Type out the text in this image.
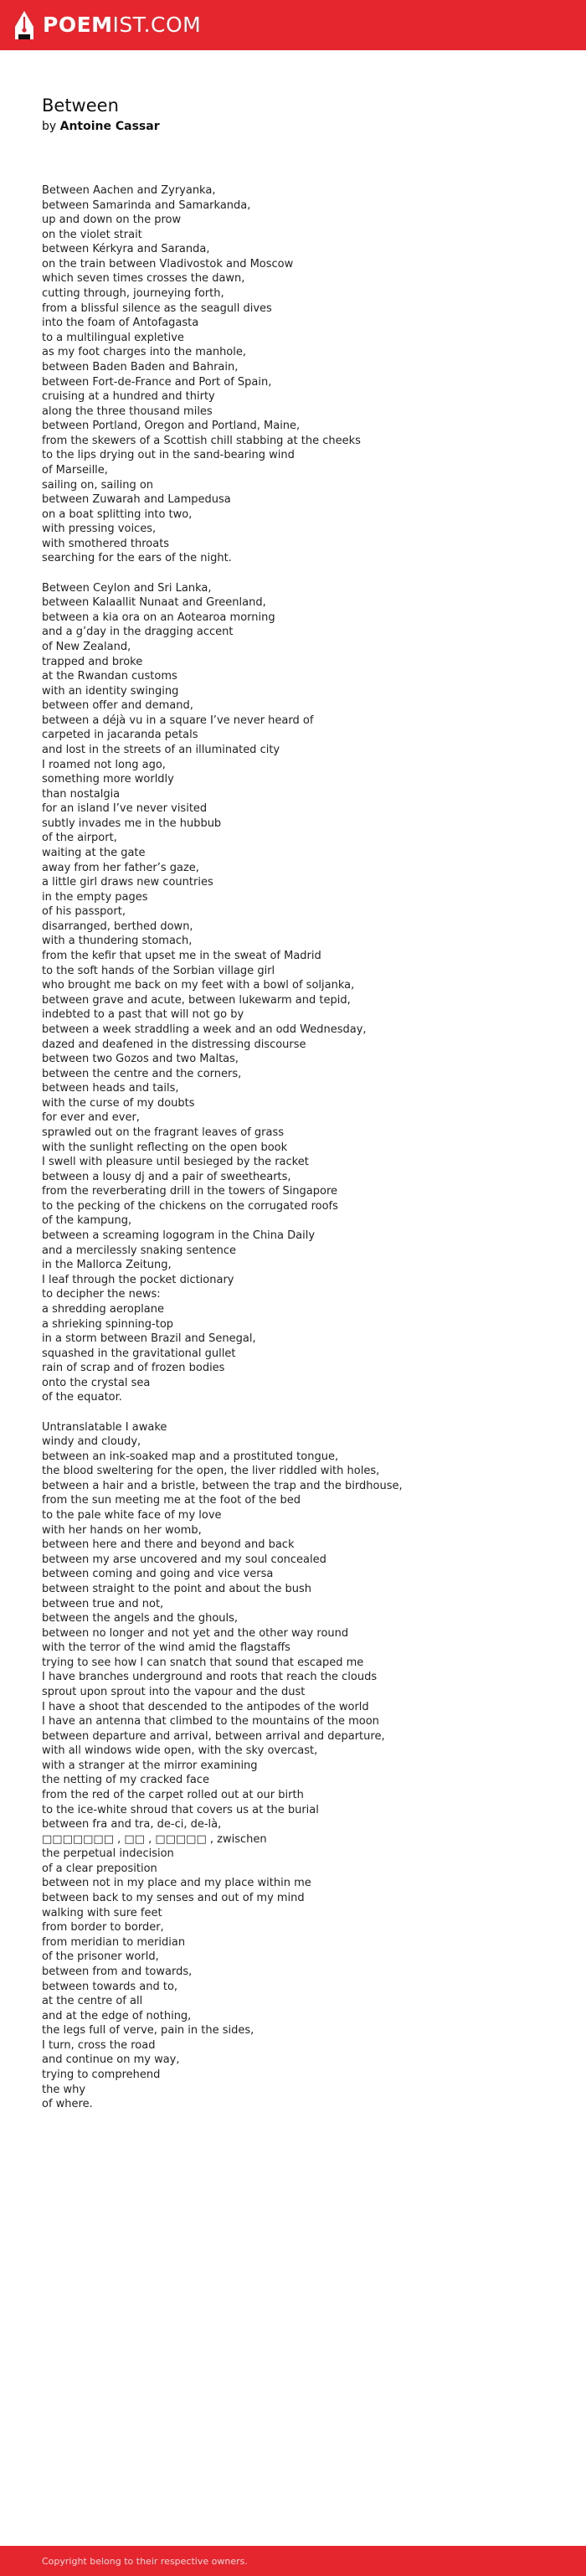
POEMIST.COM
Between
by Antoine Cassar
Between Aachen and Zyryanka,
between Samarinda and Samarkanda,
up and down on the prow
on the violet strait
between Kérkyra and Saranda,
on the train between Vladivostok and Moscow
which seven times crosses the dawn,
cutting through, journeying forth,
from a blissful silence as the seagull dives
into the foam of Antofagasta
to a multilingual expletive
as my foot charges into the manhole,
between Baden Baden and Bahrain,
between Fort-de-France and Port of Spain,
cruising at a hundred and thirty
along the three thousand miles
between Portland, Oregon and Portland, Maine,
from the skewers of a Scottish chill stabbing at the cheeks
to the lips drying out in the sand-bearing wind
of Marseille,
sailing on, sailing on
between Zuwarah and Lampedusa
on a boat splitting into two,
with pressing voices,
with smothered throats
searching for the ears of the night.
Between Ceylon and Sri Lanka,
between Kalaallit Nunaat and Greenland,
between a kia ora on an Aotearoa morning
and a g’day in the dragging accent
of New Zealand,
trapped and broke
at the Rwandan customs
with an identity swinging
between offer and demand,
between a déjà vu in a square I’ve never heard of
carpeted in jacaranda petals
and lost in the streets of an illuminated city
I roamed not long ago,
something more worldly
than nostalgia
for an island I’ve never visited
subtly invades me in the hubbub
of the airport,
waiting at the gate
away from her father’s gaze,
a little girl draws new countries
in the empty pages
of his passport,
disarranged, berthed down,
with a thundering stomach,
from the kefir that upset me in the sweat of Madrid
to the soft hands of the Sorbian village girl
who brought me back on my feet with a bowl of soljanka,
between grave and acute, between lukewarm and tepid,
indebted to a past that will not go by
between a week straddling a week and an odd Wednesday,
dazed and deafened in the distressing discourse
between two Gozos and two Maltas,
between the centre and the corners,
between heads and tails,
with the curse of my doubts
for ever and ever,
sprawled out on the fragrant leaves of grass
with the sunlight reflecting on the open book
I swell with pleasure until besieged by the racket
between a lousy dj and a pair of sweethearts,
from the reverberating drill in the towers of Singapore
to the pecking of the chickens on the corrugated roofs
of the kampung,
between a screaming logogram in the China Daily
and a mercilessly snaking sentence
in the Mallorca Zeitung,
I leaf through the pocket dictionary
to decipher the news:
a shredding aeroplane
a shrieking spinning-top
in a storm between Brazil and Senegal,
squashed in the gravitational gullet
rain of scrap and of frozen bodies
onto the crystal sea
of the equator.
Untranslatable I awake
windy and cloudy,
between an ink-soaked map and a prostituted tongue,
the blood sweltering for the open, the liver riddled with holes,
between a hair and a bristle, between the trap and the birdhouse,
from the sun meeting me at the foot of the bed
to the pale white face of my love
with her hands on her womb,
between here and there and beyond and back
between my arse uncovered and my soul concealed
between coming and going and vice versa
between straight to the point and about the bush
between true and not,
between the angels and the ghouls,
between no longer and not yet and the other way round
with the terror of the wind amid the flagstaffs
trying to see how I can snatch that sound that escaped me
I have branches underground and roots that reach the clouds
sprout upon sprout into the vapour and the dust
I have a shoot that descended to the antipodes of the world
I have an antenna that climbed to the mountains of the moon
between departure and arrival, between arrival and departure,
with all windows wide open, with the sky overcast,
with a stranger at the mirror examining
the netting of my cracked face
from the red of the carpet rolled out at our birth
to the ice-white shroud that covers us at the burial
between fra and tra, de-ci, de-là,
□□□□□□□ , □□ , □□□□□ , zwischen
the perpetual indecision
of a clear preposition
between not in my place and my place within me
between back to my senses and out of my mind
walking with sure feet
from border to border,
from meridian to meridian
of the prisoner world,
between from and towards,
between towards and to,
at the centre of all
and at the edge of nothing,
the legs full of verve, pain in the sides,
I turn, cross the road
and continue on my way,
trying to comprehend
the why
of where.
Copyright belong to their respective owners.
